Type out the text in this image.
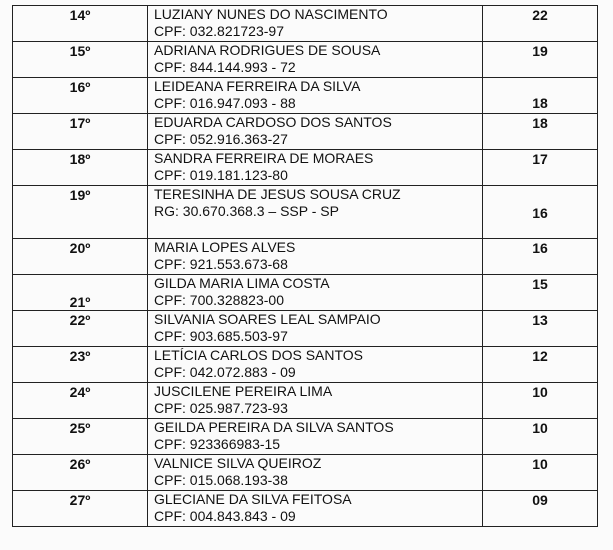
14º	LUZIANY NUNES DO NASCIMENTO
CPF: 032.821723-97	22

15º	ADRIANA RODRIGUES DE SOUSA
CPF: 844.144.993 - 72	19

16º	LEIDEANA FERREIRA DA SILVA
CPF: 016.947.093 - 88	18

17º	EDUARDA CARDOSO DOS SANTOS
CPF: 052.916.363-27	18

18º	SANDRA FERREIRA DE MORAES
CPF: 019.181.123-80	17

19º	TERESINHA DE JESUS SOUSA CRUZ
RG: 30.670.368.3 – SSP - SP	16

20º	MARIA LOPES ALVES
CPF: 921.553.673-68	16

21º	GILDA MARIA LIMA COSTA
CPF: 700.328823-00	15

22º	SILVANIA SOARES LEAL SAMPAIO
CPF: 903.685.503-97	13

23º	LETÍCIA CARLOS DOS SANTOS
CPF: 042.072.883 - 09	12

24º	JUSCILENE PEREIRA LIMA
CPF: 025.987.723-93	10

25º	GEILDA PEREIRA DA SILVA SANTOS
CPF: 923366983-15	10

26º	VALNICE SILVA QUEIROZ
CPF: 015.068.193-38	10

27º	GLECIANE DA SILVA FEITOSA
CPF: 004.843.843 - 09	09
